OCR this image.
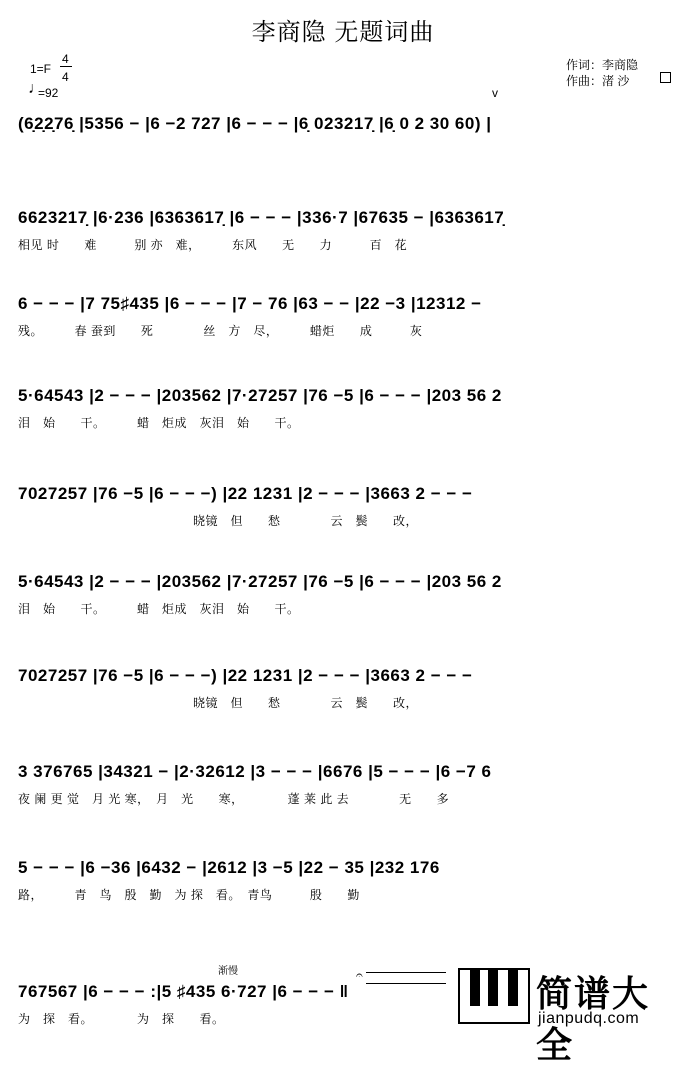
李商隐 无题词曲
1=F
4
4
♩
=92
作词：李商隐
作曲：渚 沙
v
(6̣2̣2̣76̣ |5356 − |6 −2 727 |6 − − − |6̣ 023217̣ |6̣ 0 2 30 60) |
6623217̣ |6·236 |6363617̣ |6 − − − |336·7 |67635 − |6363617̣
相见 时　　难　　　别 亦　难，　　　东风　　无　　力　　　百　花
6 − − − |7 75♯435 |6 − − − |7 − 76 |63 − − |22 −3 |12312 −
残。　　　春 蚕到　　死　　　　丝　方　尽，　　　蜡炬　　成　　　灰
5·64543 |2 − − − |203562 |7·27257 |76 −5 |6 − − − |203 56 2
泪　始　　干。　　　蜡　炬成　灰泪　始　　干。
7027257 |76 −5 |6 − − −) |22 1231 |2 − − − |3663 2 − − −
　　　　　　　　　　　　　　晓镜　但　　愁　　　　云　鬓　　改，
5·64543 |2 − − − |203562 |7·27257 |76 −5 |6 − − − |203 56 2
泪　始　　干。　　　蜡　炬成　灰泪　始　　干。
7027257 |76 −5 |6 − − −) |22 1231 |2 − − − |3663 2 − − −
　　　　　　　　　　　　　　晓镜　但　　愁　　　　云　鬓　　改，
3 376765 |34321 − |2·32612 |3 − − − |6676 |5 − − − |6 −7 6
夜 阑 更 觉　月 光 寒，　月　光　　寒，　　　　蓬 莱 此 去　　　　无　　多
5 − − − |6 −36 |6432 − |2612 |3 −5 |22 − 35 |232 176
路，　　　青　鸟　殷　勤　为 探　看。　青鸟　　　殷　　勤
767567 |6 − − − :|5 ♯435 6·727 |6 − − − ‖
为　探　看。　　　　为　探　　看。
渐慢	𝄐	简谱大全
jianpudq.com
